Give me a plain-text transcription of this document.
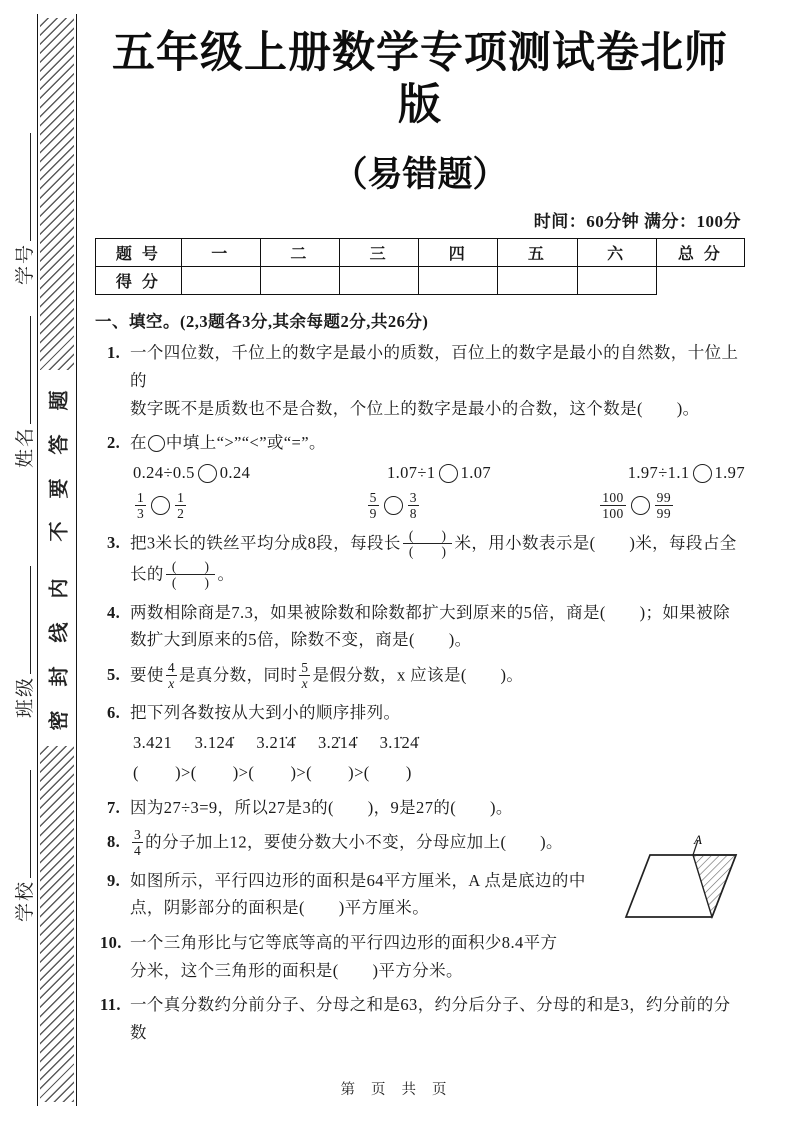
学号
姓名
班级
学校
题
答
要
不
内
线
封
密
五年级上册数学专项测试卷北师版
（易错题）
时间：60分钟 满分：100分
题 号	一	二	三	四	五	六	总 分
得 分							
一、填空。(2,3题各3分,其余每题2分,共26分)
1. 一个四位数，千位上的数字是最小的质数，百位上的数字是最小的自然数，十位上的
数字既不是质数也不是合数，个位上的数字是最小的合数，这个数是(　　)。
2. 在 中填上“>”“<”或“=”。
0.24÷0.5 0.24	1.07÷1 1.07	1.97÷1.1 1.97
$\frac{1}{3} \frac{1}{2}$	$\frac{5}{9} \frac{3}{8}$	$\frac{100}{100} \frac{99}{99}$
3. 把3米长的铁丝平均分成8段，每段长 $\frac{( )}{( )}$ 米，用小数表示是(　　)米，每段占全
长的 $\frac{( )}{( )}$ 。
4. 两数相除商是7.3，如果被除数和除数都扩大到原来的5倍，商是(　　)；如果被除
数扩大到原来的5倍，除数不变，商是(　　)。
5. 要使 $\frac{4}{x}$ 是真分数，同时 $\frac{5}{x}$ 是假分数，x 应该是(　　)。
6. 把下列各数按从大到小的顺序排列。
3.421 3.124̇ 3.21̇4̇ 3.2̇14̇ 3.1̇24̇
(        )>(        )>(        )>(        )>(        )
7. 因为27÷3=9，所以27是3的(　　)，9是27的(　　)。
8. $\frac{3}{4}$ 的分子加上12，要使分数大小不变，分母应加上(　　)。
9. 如图所示，平行四边形的面积是64平方厘米，A 点是底边的中
点，阴影部分的面积是(　　)平方厘米。
10. 一个三角形比与它等底等高的平行四边形的面积少8.4平方
分米，这个三角形的面积是(　　)平方分米。
11. 一个真分数约分前分子、分母之和是63，约分后分子、分母的和是3，约分前的分数
A
第 页 共 页
